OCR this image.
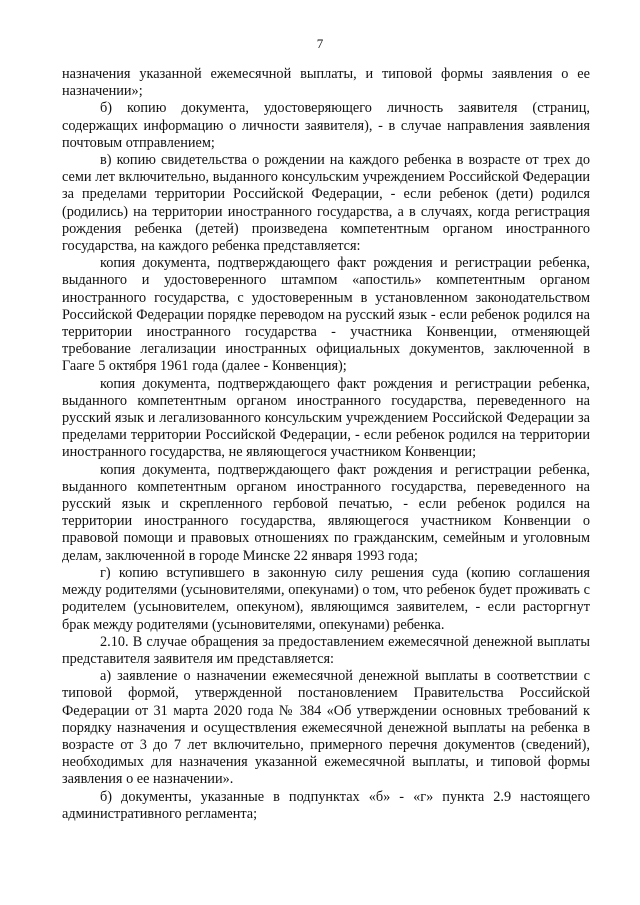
7

назначения указанной ежемесячной выплаты, и типовой формы заявления о ее назначении»;

б) копию документа, удостоверяющего личность заявителя (страниц, содержащих информацию о личности заявителя), - в случае направления заявления почтовым отправлением;

в) копию свидетельства о рождении на каждого ребенка в возрасте от трех до семи лет включительно, выданного консульским учреждением Российской Федерации за пределами территории Российской Федерации, - если ребенок (дети) родился (родились) на территории иностранного государства, а в случаях, когда регистрация рождения ребенка (детей) произведена компетентным органом иностранного государства, на каждого ребенка представляется:

копия документа, подтверждающего факт рождения и регистрации ребенка, выданного и удостоверенного штампом «апостиль» компетентным органом иностранного государства, с удостоверенным в установленном законодательством Российской Федерации порядке переводом на русский язык - если ребенок родился на территории иностранного государства - участника Конвенции, отменяющей требование легализации иностранных официальных документов, заключенной в Гааге 5 октября 1961 года (далее - Конвенция);

копия документа, подтверждающего факт рождения и регистрации ребенка, выданного компетентным органом иностранного государства, переведенного на русский язык и легализованного консульским учреждением Российской Федерации за пределами территории Российской Федерации, - если ребенок родился на территории иностранного государства, не являющегося участником Конвенции;

копия документа, подтверждающего факт рождения и регистрации ребенка, выданного компетентным органом иностранного государства, переведенного на русский язык и скрепленного гербовой печатью, - если ребенок родился на территории иностранного государства, являющегося участником Конвенции о правовой помощи и правовых отношениях по гражданским, семейным и уголовным делам, заключенной в городе Минске 22 января 1993 года;

г) копию вступившего в законную силу решения суда (копию соглашения между родителями (усыновителями, опекунами) о том, что ребенок будет проживать с родителем (усыновителем, опекуном), являющимся заявителем, - если расторгнут брак между родителями (усыновителями, опекунами) ребенка.

2.10. В случае обращения за предоставлением ежемесячной денежной выплаты представителя заявителя им представляется:

а) заявление о назначении ежемесячной денежной выплаты в соответствии с типовой формой, утвержденной постановлением Правительства Российской Федерации от 31 марта 2020 года № 384 «Об утверждении основных требований к порядку назначения и осуществления ежемесячной денежной выплаты на ребенка в возрасте от 3 до 7 лет включительно, примерного перечня документов (сведений), необходимых для назначения указанной ежемесячной выплаты, и типовой формы заявления о ее назначении».

б) документы, указанные в подпунктах «б» - «г» пункта 2.9 настоящего административного регламента;
